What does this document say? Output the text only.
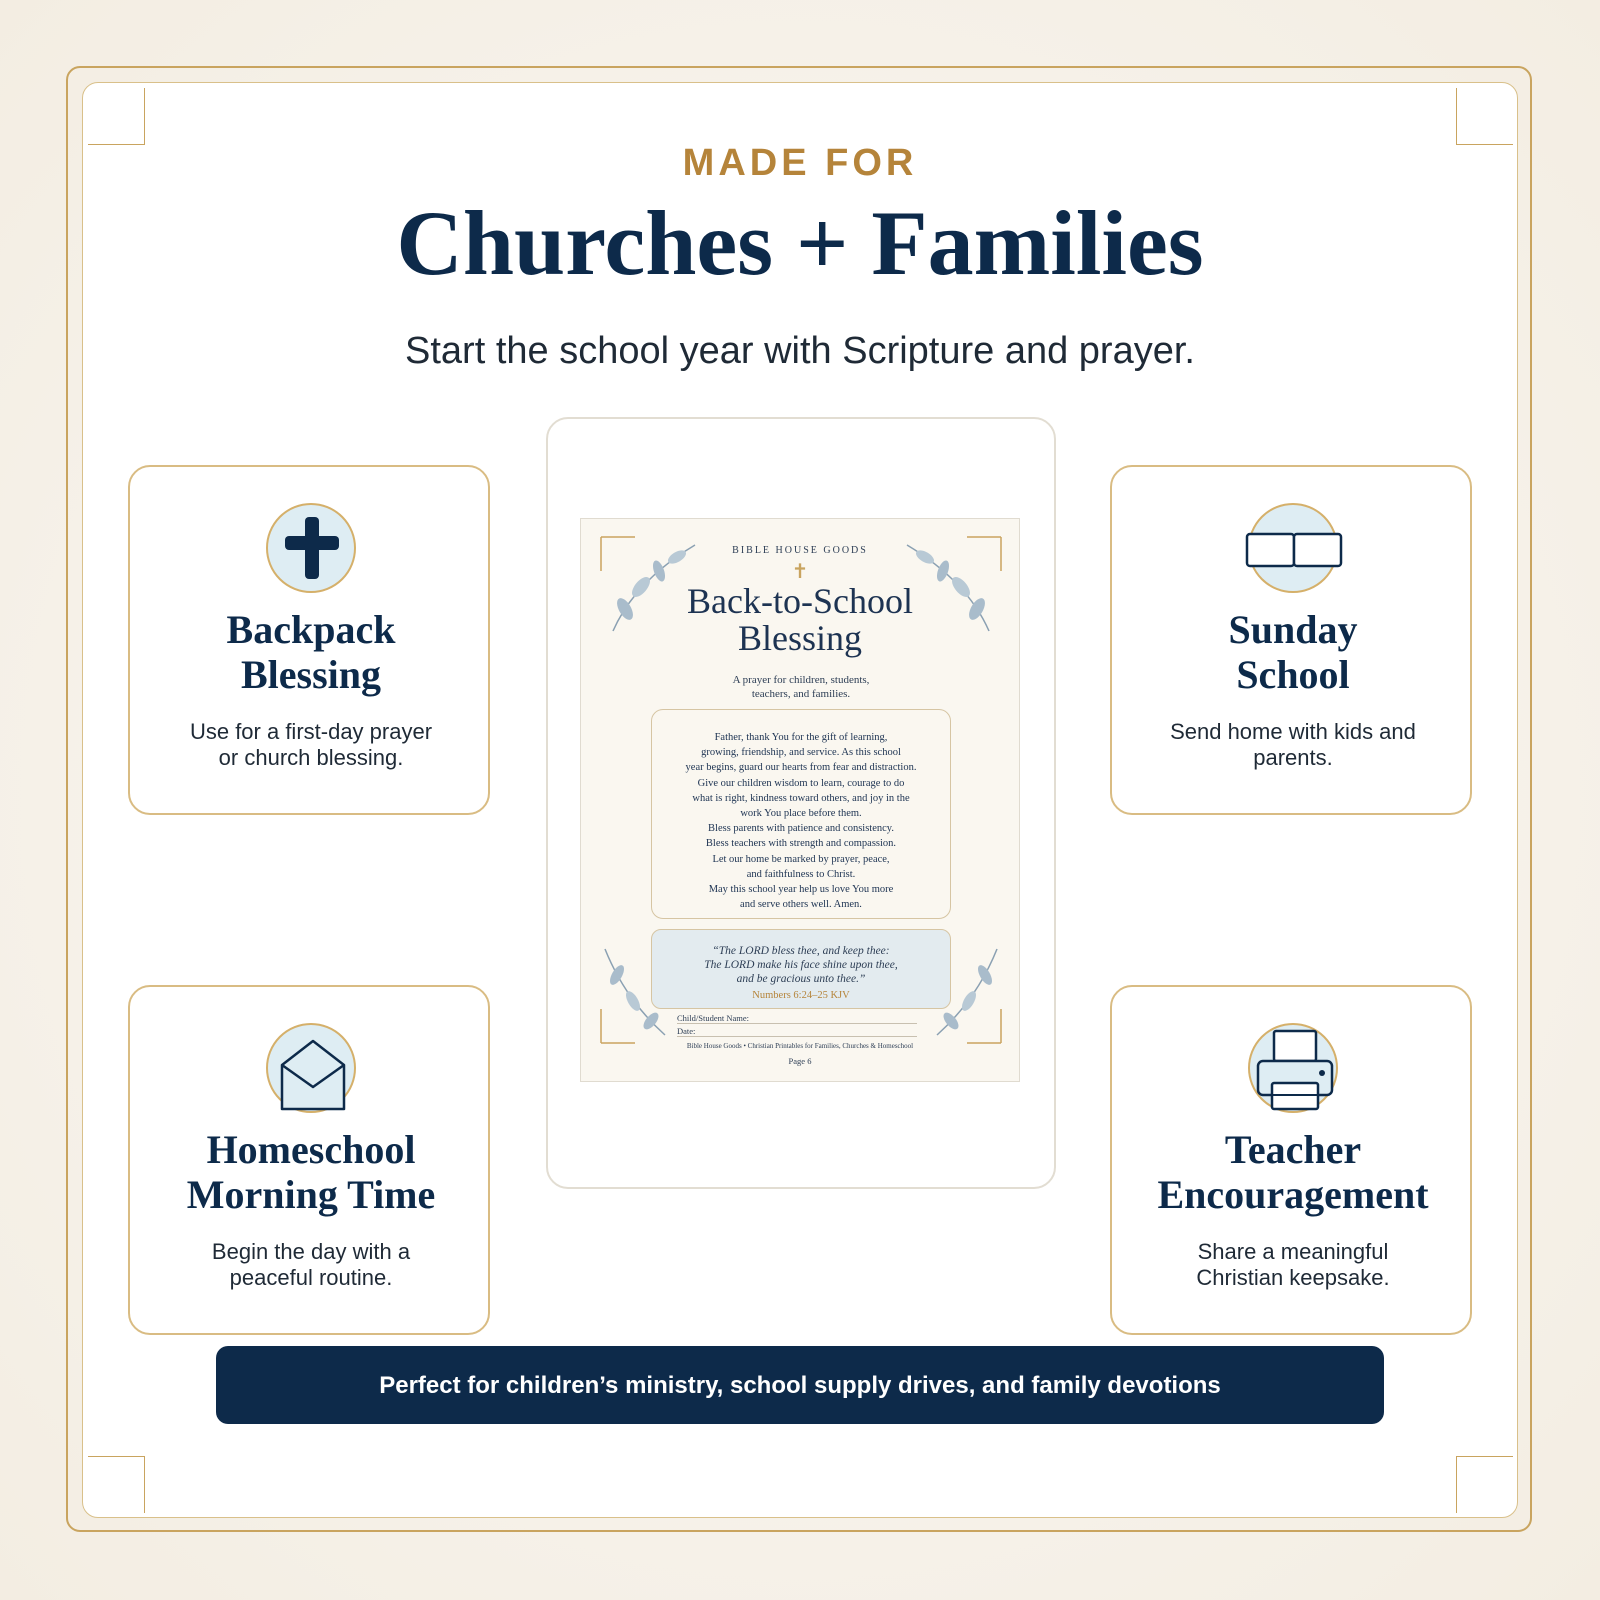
MADE FOR
Churches + Families
Start the school year with Scripture and prayer.
Backpack
Blessing
Use for a first-day prayer
or church blessing.
Sunday
School
Send home with kids and
parents.
Homeschool
Morning Time
Begin the day with a
peaceful routine.
Teacher
Encouragement
Share a meaningful
Christian keepsake.
BIBLE HOUSE GOODS
✝
Back-to-School
Blessing
A prayer for children, students,
teachers, and families.
Father, thank You for the gift of learning,
growing, friendship, and service. As this school
year begins, guard our hearts from fear and distraction.
Give our children wisdom to learn, courage to do
what is right, kindness toward others, and joy in the
work You place before them.
Bless parents with patience and consistency.
Bless teachers with strength and compassion.
Let our home be marked by prayer, peace,
and faithfulness to Christ.
May this school year help us love You more
and serve others well. Amen.
“The LORD bless thee, and keep thee:
The LORD make his face shine upon thee,
and be gracious unto thee.”
Numbers 6:24–25 KJV
Child/Student Name:
Date:
Bible House Goods • Christian Printables for Families, Churches & Homeschool
Page 6
Perfect for children’s ministry, school supply drives, and family devotions
